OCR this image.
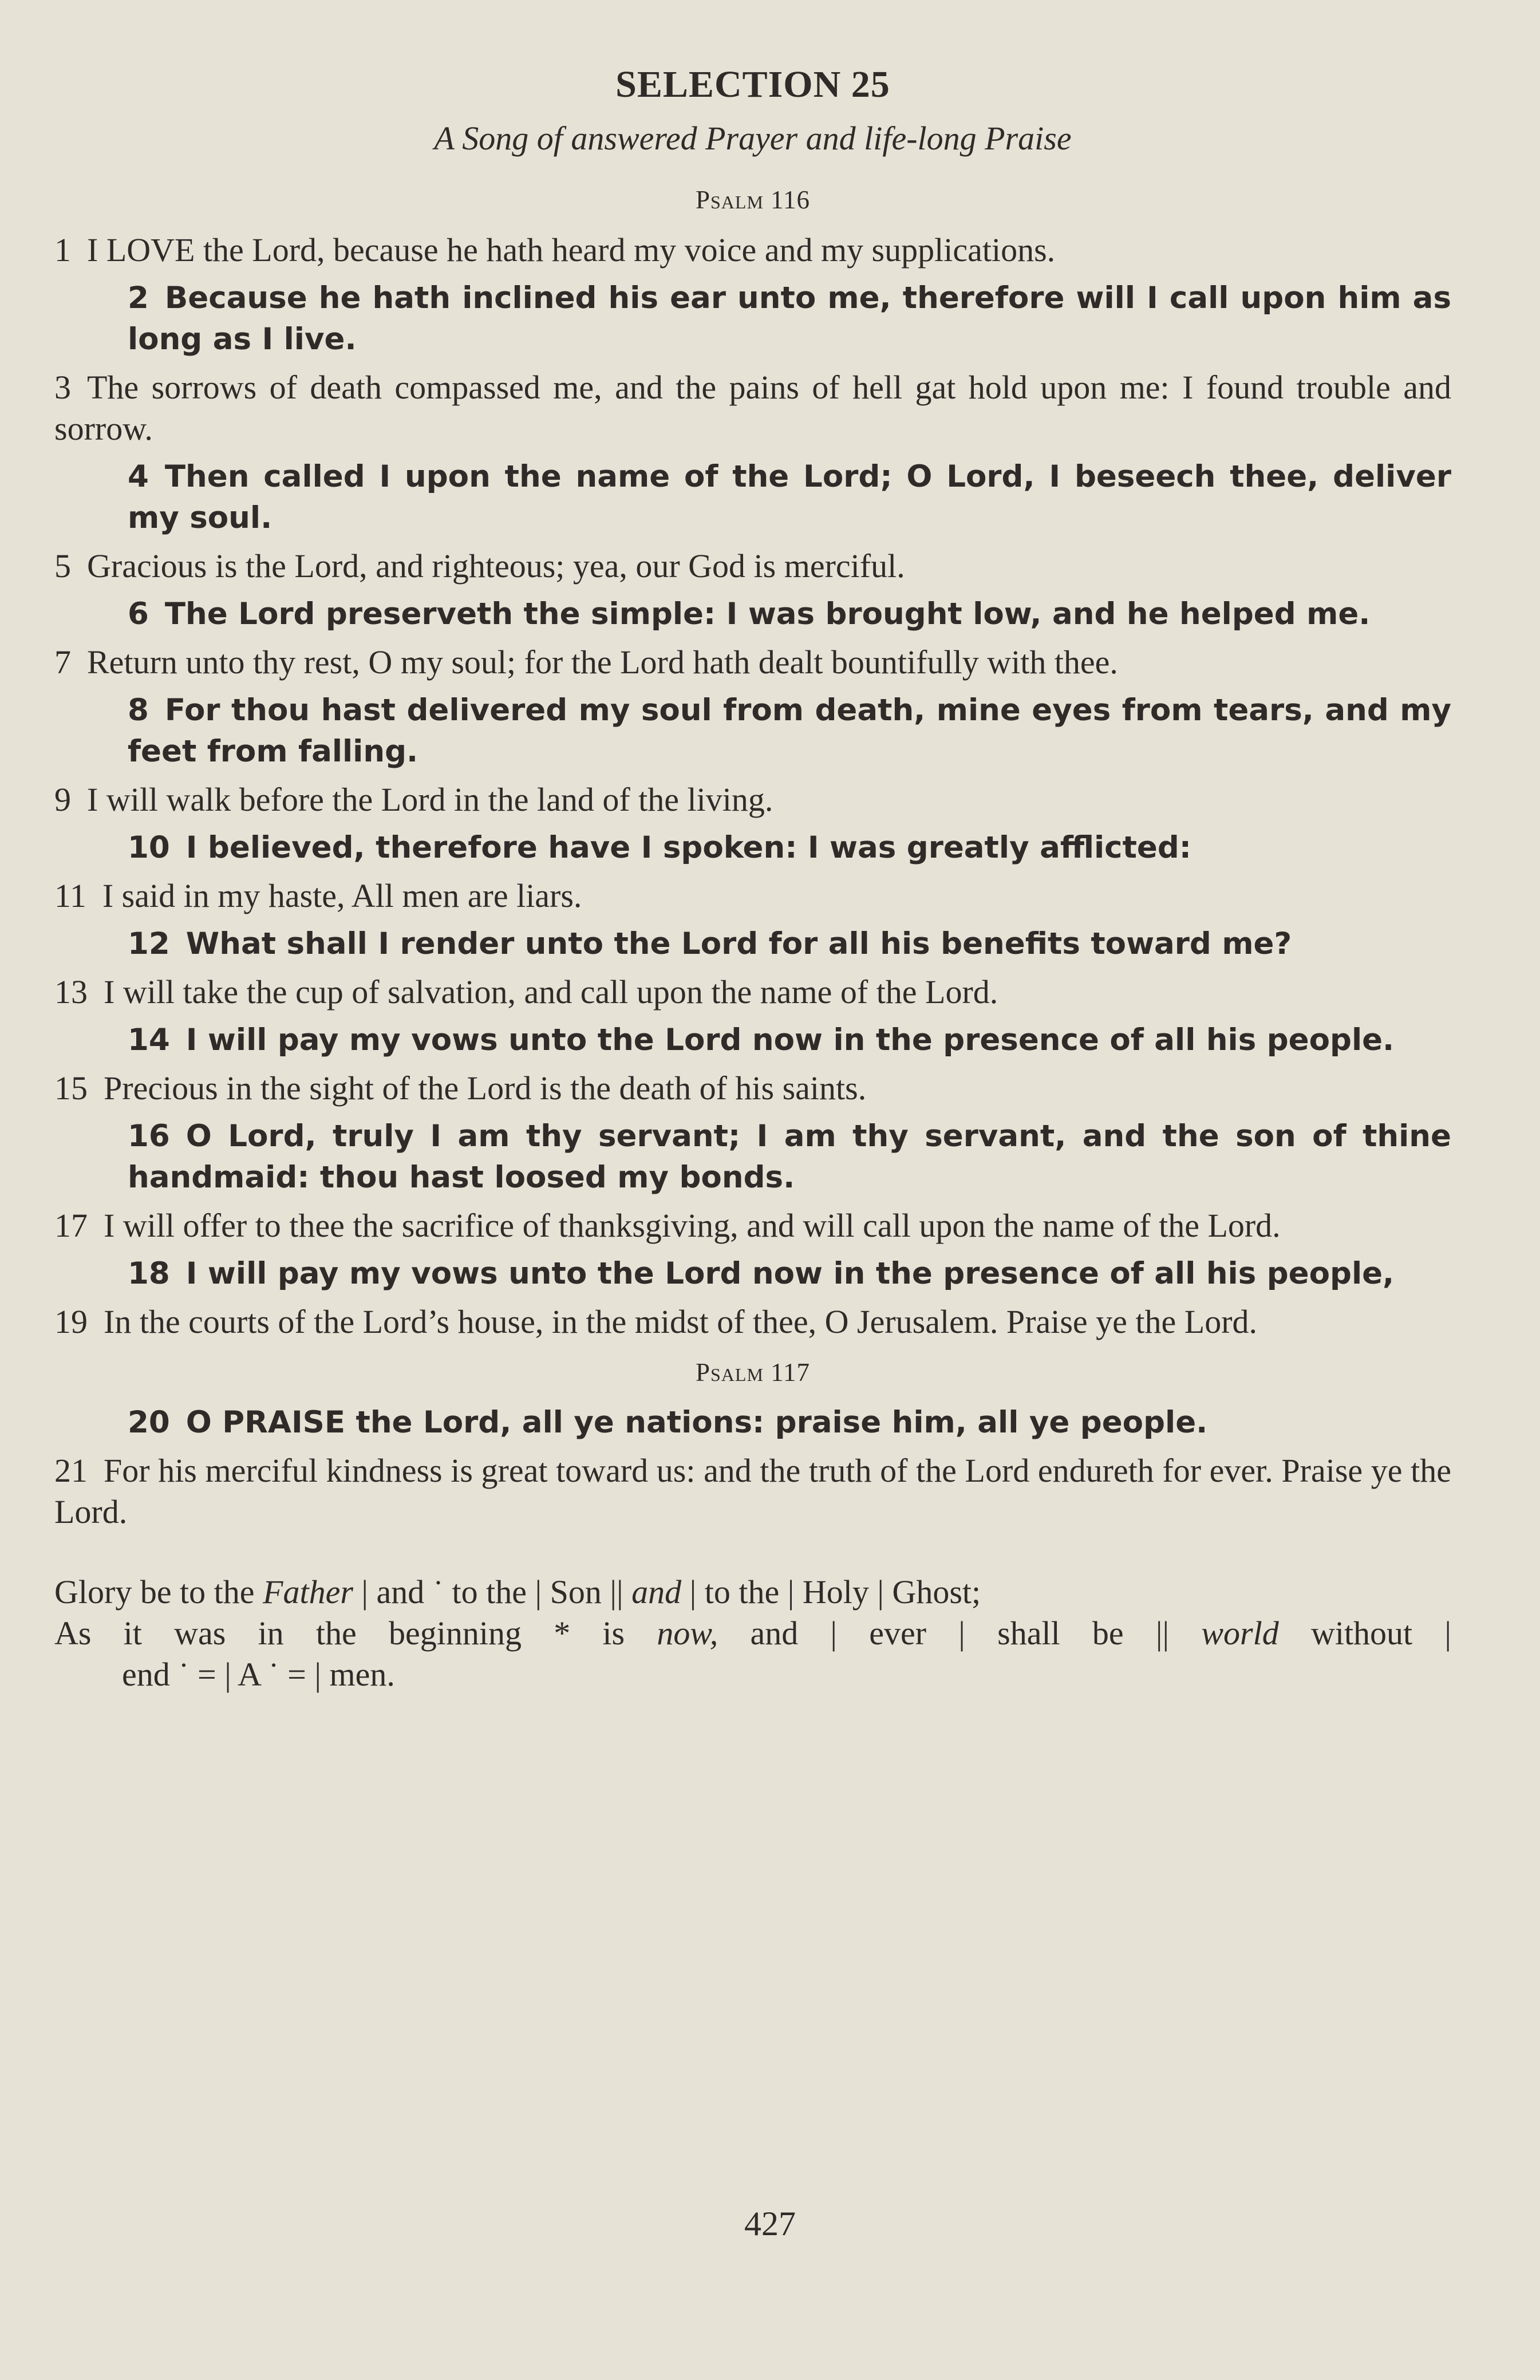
SELECTION 25
A Song of answered Prayer and life-long Praise
Psalm 116
1 I LOVE the Lord, because he hath heard my voice and my supplications.
2 Because he hath inclined his ear unto me, therefore will I call upon him as long as I live.
3 The sorrows of death compassed me, and the pains of hell gat hold upon me: I found trouble and sorrow.
4 Then called I upon the name of the Lord; O Lord, I beseech thee, deliver my soul.
5 Gracious is the Lord, and righteous; yea, our God is merciful.
6 The Lord preserveth the simple: I was brought low, and he helped me.
7 Return unto thy rest, O my soul; for the Lord hath dealt bountifully with thee.
8 For thou hast delivered my soul from death, mine eyes from tears, and my feet from falling.
9 I will walk before the Lord in the land of the living.
10 I believed, therefore have I spoken: I was greatly afflicted:
11 I said in my haste, All men are liars.
12 What shall I render unto the Lord for all his benefits toward me?
13 I will take the cup of salvation, and call upon the name of the Lord.
14 I will pay my vows unto the Lord now in the presence of all his people.
15 Precious in the sight of the Lord is the death of his saints.
16 O Lord, truly I am thy servant; I am thy servant, and the son of thine handmaid: thou hast loosed my bonds.
17 I will offer to thee the sacrifice of thanksgiving, and will call upon the name of the Lord.
18 I will pay my vows unto the Lord now in the presence of all his people,
19 In the courts of the Lord’s house, in the midst of thee, O Jerusalem. Praise ye the Lord.
Psalm 117
20 O PRAISE the Lord, all ye nations: praise him, all ye people.
21 For his merciful kindness is great toward us: and the truth of the Lord endureth for ever. Praise ye the Lord.
Glory be to the Father | and ˙ to the | Son || and | to the | Holy | Ghost;
As it was in the beginning * is now, and | ever | shall be || world without |
end ˙ = | A ˙ = | men.
427
